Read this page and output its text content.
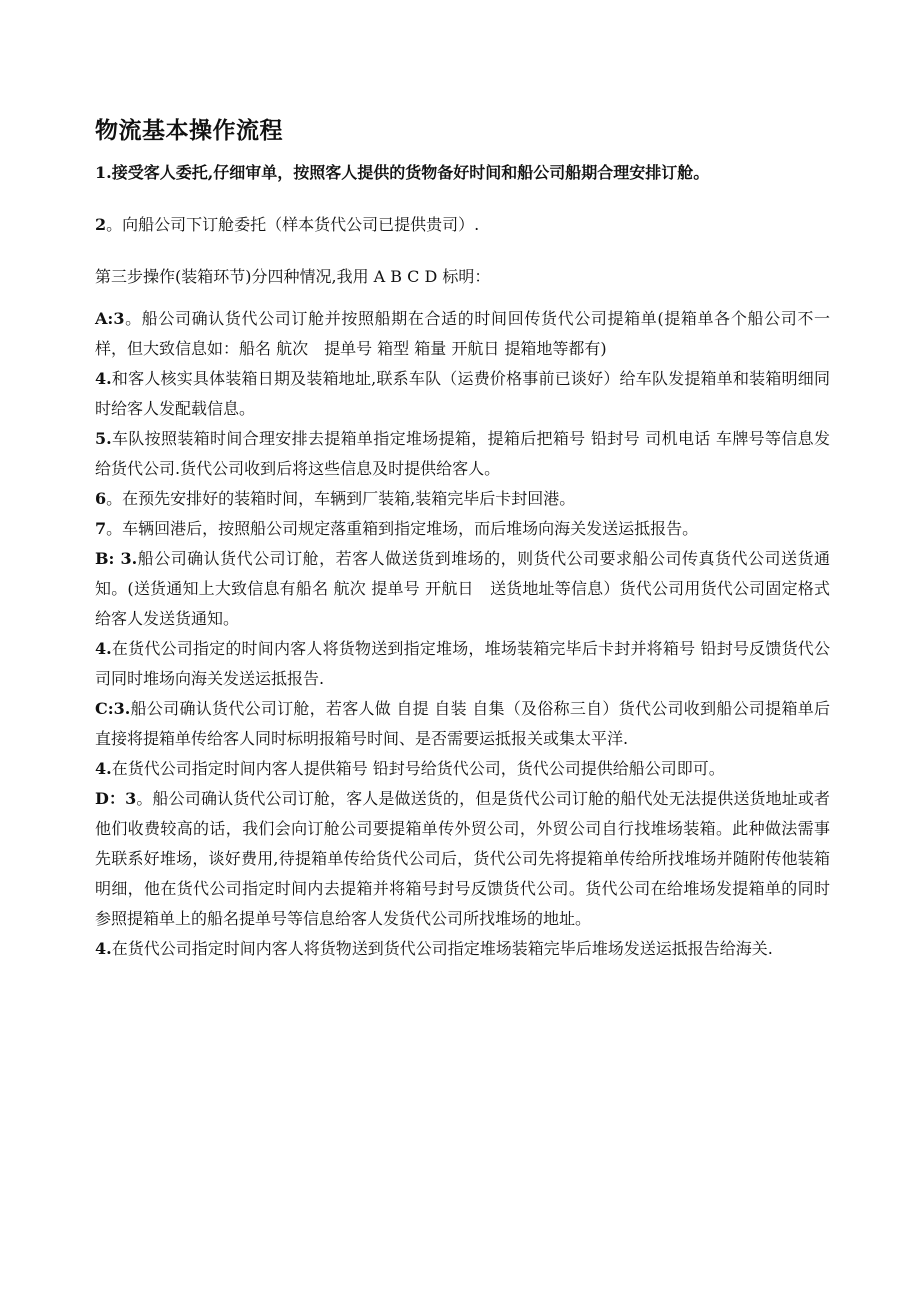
物流基本操作流程

1.接受客人委托,仔细审单，按照客人提供的货物备好时间和船公司船期合理安排订舱。

2。向船公司下订舱委托（样本货代公司已提供贵司）.

第三步操作(装箱环节)分四种情况,我用 A B C D 标明：

A:3。船公司确认货代公司订舱并按照船期在合适的时间回传货代公司提箱单(提箱单各个船公司不一样，但大致信息如：船名 航次　提单号 箱型 箱量 开航日 提箱地等都有)

4.和客人核实具体装箱日期及装箱地址,联系车队（运费价格事前已谈好）给车队发提箱单和装箱明细同时给客人发配载信息。

5.车队按照装箱时间合理安排去提箱单指定堆场提箱，提箱后把箱号 铅封号 司机电话 车牌号等信息发给货代公司.货代公司收到后将这些信息及时提供给客人。

6。在预先安排好的装箱时间，车辆到厂装箱,装箱完毕后卡封回港。

7。车辆回港后，按照船公司规定落重箱到指定堆场，而后堆场向海关发送运抵报告。

B: 3.船公司确认货代公司订舱，若客人做送货到堆场的，则货代公司要求船公司传真货代公司送货通知。(送货通知上大致信息有船名 航次 提单号 开航日　送货地址等信息）货代公司用货代公司固定格式给客人发送货通知。

4.在货代公司指定的时间内客人将货物送到指定堆场，堆场装箱完毕后卡封并将箱号 铅封号反馈货代公司同时堆场向海关发送运抵报告.

C:3.船公司确认货代公司订舱，若客人做 自提 自装 自集（及俗称三自）货代公司收到船公司提箱单后直接将提箱单传给客人同时标明报箱号时间、是否需要运抵报关或集太平洋.

4.在货代公司指定时间内客人提供箱号 铅封号给货代公司，货代公司提供给船公司即可。

D：3。船公司确认货代公司订舱，客人是做送货的，但是货代公司订舱的船代处无法提供送货地址或者他们收费较高的话，我们会向订舱公司要提箱单传外贸公司，外贸公司自行找堆场装箱。此种做法需事先联系好堆场，谈好费用,待提箱单传给货代公司后，货代公司先将提箱单传给所找堆场并随附传他装箱明细，他在货代公司指定时间内去提箱并将箱号封号反馈货代公司。货代公司在给堆场发提箱单的同时参照提箱单上的船名提单号等信息给客人发货代公司所找堆场的地址。

4.在货代公司指定时间内客人将货物送到货代公司指定堆场装箱完毕后堆场发送运抵报告给海关.
